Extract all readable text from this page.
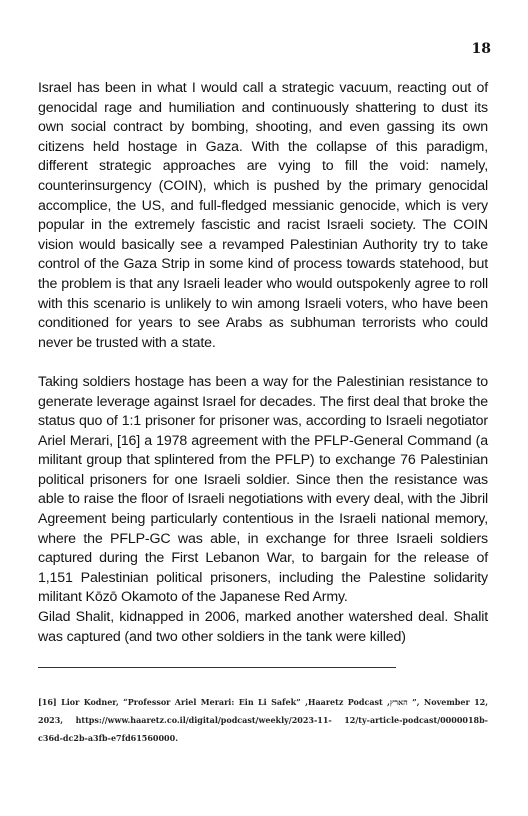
18

Israel has been in what I would call a strategic vacuum, reacting out of genocidal rage and humiliation and continuously shattering to dust its own social contract by bombing, shooting, and even gassing its own citizens held hostage in Gaza. With the collapse of this paradigm, different strategic approaches are vying to fill the void: namely, counterinsurgency (COIN), which is pushed by the primary genocidal accomplice, the US, and full-fledged messianic genocide, which is very popular in the extremely fascistic and racist Israeli society. The COIN vision would basically see a revamped Palestinian Authority try to take control of the Gaza Strip in some kind of process towards statehood, but the problem is that any Israeli leader who would outspokenly agree to roll with this scenario is unlikely to win among Israeli voters, who have been conditioned for years to see Arabs as subhuman terrorists who could never be trusted with a state.

Taking soldiers hostage has been a way for the Palestinian resistance to generate leverage against Israel for decades. The first deal that broke the status quo of 1:1 prisoner for prisoner was, according to Israeli negotiator Ariel Merari, [16] a 1978 agreement with the PFLP-General Command (a militant group that splintered from the PFLP) to exchange 76 Palestinian political prisoners for one Israeli soldier. Since then the resistance was able to raise the floor of Israeli negotiations with every deal, with the Jibril Agreement being particularly contentious in the Israeli national memory, where the PFLP-GC was able, in exchange for three Israeli soldiers captured during the First Lebanon War, to bargain for the release of 1,151 Palestinian political prisoners, including the Palestine solidarity militant Kōzō Okamoto of the Japanese Red Army.

Gilad Shalit, kidnapped in 2006, marked another watershed deal. Shalit was captured (and two other soldiers in the tank were killed)

[16] Lior Kodner, “Professor Ariel Merari: Ein Li Safek” ,Haaretz Podcast ,הארץ ”, November 12, 2023, https://www.haaretz.co.il/digital/podcast/weekly/2023-11- 12/ty-article-podcast/0000018b-c36d-dc2b-a3fb-e7fd61560000.
